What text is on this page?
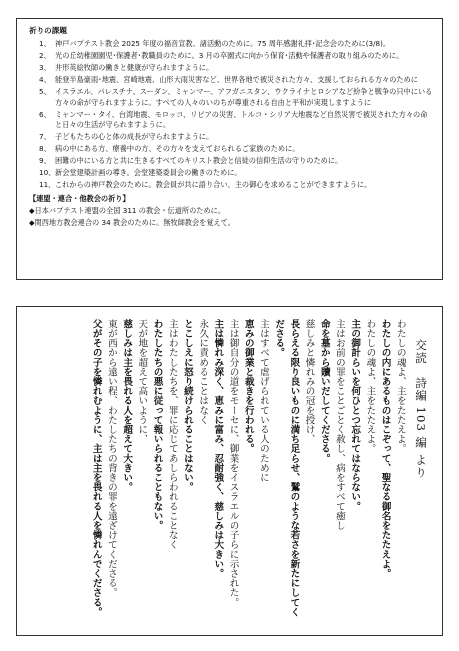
祈りの課題
1、 神戸バプテスト教会 2025 年度の福音宣教、諸活動のために。75 周年感謝礼拝･記念会のために(3/8)。
2、 光の丘幼稚園園児･保護者･教職員のために。3 月の卒園式に向かう保育･活動や保護者の取り組みのために。
3、 井形英絵牧師の働きと健康が守られますように。
4、 能登半島豪雨･地震、宮崎地震、山形大雨災害など、世界各地で被災された方々、支援しておられる方々のために
5、 イスラエル、パレスチナ、スーダン、ミャンマー、アフガニスタン、ウクライナとロシアなど紛争と戦争の只中にいる方々の命が守られますように。すべての人々のいのちが尊重される自由と平和が実現しますように
6、 ミャンマー・タイ、台湾地震、モロッコ、リビアの災害、トルコ・シリア大地震など自然災害で被災された方々の命と日々の生活が守られますように。
7、 子どもたちの心と体の成長が守られますように。
8、 病の中にある方、療養中の方、その方々を支えておられるご家族のために。
9、 困難の中にいる方と共に生きるすべてのキリスト教会と信徒の信仰生活の守りのために。
10、 新会堂建築計画の導き。会堂建築委員会の働きのために。
11、 これからの神戸教会のために。教会員が共に語り合い、主の御心を求めることができますように。
【連盟・連合・他教会の祈り】
◆日本バプテスト連盟の全国 311 の教会・伝道所のために。
◆関西地方教会連合の 34 教会のために。無牧師教会を覚えて。
交読　詩編 103 編 より
わたしの魂よ、主をたたえよ。
わたしの内にあるものはこぞって、聖なる御名をたたえよ。
わたしの魂よ、主をたたえよ。
主の御計らいを何ひとつ忘れてはならない。
主はお前の罪をことごとく赦し、病をすべて癒し
命を墓から贖いだしてくださる。
慈しみと憐れみの冠を授け、
長らえる限り良いものに満ち足らせ、鷲のような若さを新たにしてくださる。
主はすべて虐げられている人のために
恵みの御業と裁きを行われる。
主は御自分の道をモーセに、御業をイスラエルの子らに示された。
主は憐れみ深く、恵みに富み、忍耐強く、慈しみは大きい。
永久に責めることはなく
とこしえに怒り続けられることはない。
主はわたしたちを、罪に応じてあしらわれることなく
わたしたちの悪に従って報いられることもない。
天が地を超えて高いように、
慈しみは主を畏れる人を超えて大きい。
東が西から遠い程、わたしたちの背きの罪を遠ざけてくださる。
父がその子を憐れむように、主は主を畏れる人を憐れんでくださる。
